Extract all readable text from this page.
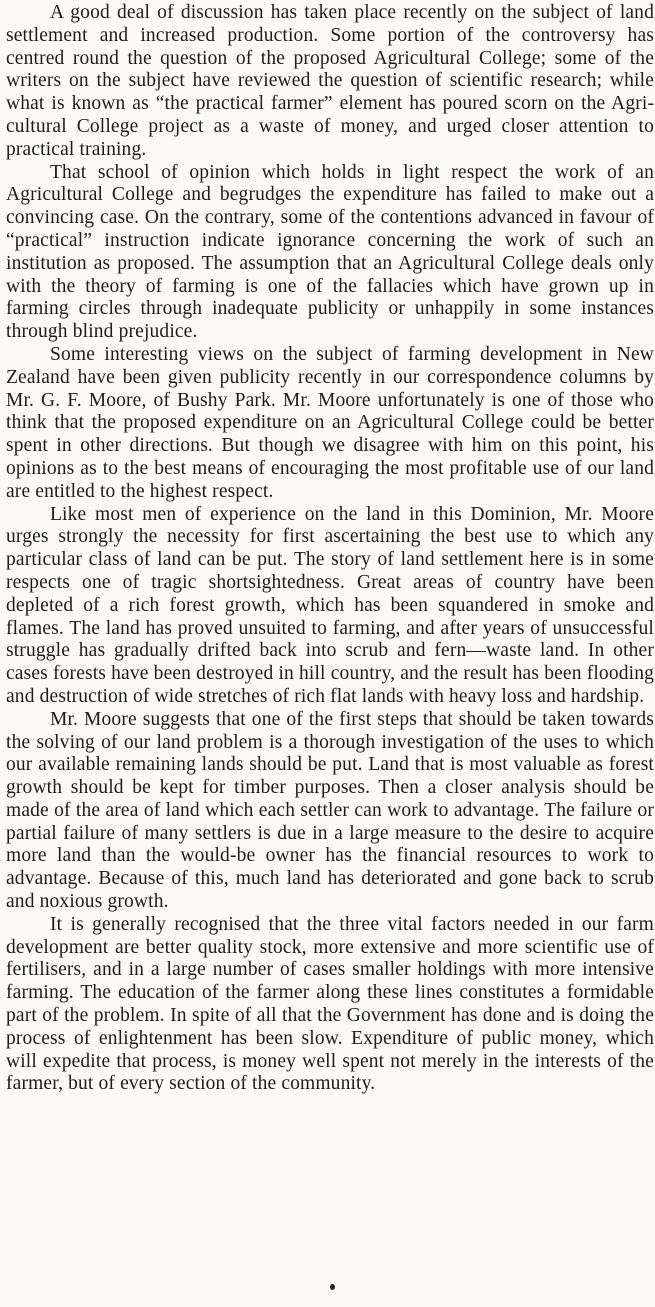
A good deal of discussion has taken place recently on the subject of land settlement and increased production. Some portion of the controversy has centred round the question of the proposed Agricultural College; some of the writers on the subject have reviewed the question of scientific research; while what is known as “the practical farmer” element has poured scorn on the Agricultural College project as a waste of money, and urged closer attention to practical training.

That school of opinion which holds in light respect the work of an Agricultural College and begrudges the expenditure has failed to make out a convincing case. On the contrary, some of the contentions advanced in favour of “practical” instruction indicate ignorance concerning the work of such an institution as proposed. The assumption that an Agricultural College deals only with the theory of farming is one of the fallacies which have grown up in farming circles through inadequate publicity or unhappily in some instances through blind prejudice.

Some interesting views on the subject of farming development in New Zealand have been given publicity recently in our correspondence columns by Mr. G. F. Moore, of Bushy Park. Mr. Moore unfortunately is one of those who think that the proposed expenditure on an Agricultural College could be better spent in other directions. But though we disagree with him on this point, his opinions as to the best means of encouraging the most profitable use of our land are entitled to the highest respect.

Like most men of experience on the land in this Dominion, Mr. Moore urges strongly the necessity for first ascertaining the best use to which any particular class of land can be put. The story of land settlement here is in some respects one of tragic shortsightedness. Great areas of country have been depleted of a rich forest growth, which has been squandered in smoke and flames. The land has proved unsuited to farming, and after years of unsuccessful struggle has gradually drifted back into scrub and fern—waste land. In other cases forests have been destroyed in hill country, and the result has been flooding and destruction of wide stretches of rich flat lands with heavy loss and hardship.

Mr. Moore suggests that one of the first steps that should be taken towards the solving of our land problem is a thorough investigation of the uses to which our available remaining lands should be put. Land that is most valuable as forest growth should be kept for timber purposes. Then a closer analysis should be made of the area of land which each settler can work to advantage. The failure or partial failure of many settlers is due in a large measure to the desire to acquire more land than the would-be owner has the financial resources to work to advantage. Because of this, much land has deteriorated and gone back to scrub and noxious growth.

It is generally recognised that the three vital factors needed in our farm development are better quality stock, more extensive and more scientific use of fertilisers, and in a large number of cases smaller holdings with more intensive farming. The education of the farmer along these lines constitutes a formidable part of the problem. In spite of all that the Government has done and is doing the process of enlightenment has been slow. Expenditure of public money, which will expedite that process, is money well spent not merely in the interests of the farmer, but of every section of the community.
